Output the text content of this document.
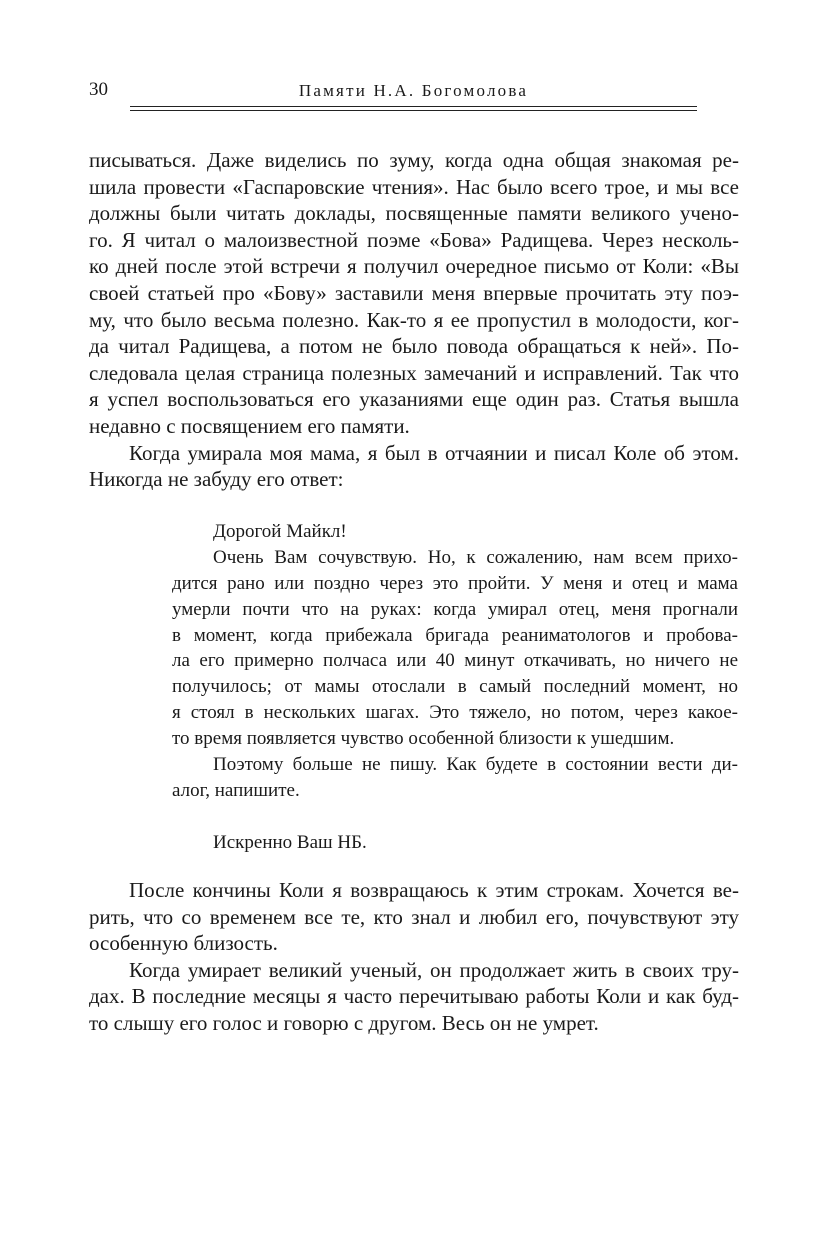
30	Памяти Н.А. Богомолова
писываться. Даже виделись по зуму, когда одна общая знакомая ре-
шила провести «Гаспаровские чтения». Нас было всего трое, и мы все
должны были читать доклады, посвященные памяти великого учено-
го. Я читал о малоизвестной поэме «Бова» Радищева. Через несколь-
ко дней после этой встречи я получил очередное письмо от Коли: «Вы
своей статьей про «Бову» заставили меня впервые прочитать эту поэ-
му, что было весьма полезно. Как-то я ее пропустил в молодости, ког-
да читал Радищева, а потом не было повода обращаться к ней». По-
следовала целая страница полезных замечаний и исправлений. Так что
я успел воспользоваться его указаниями еще один раз. Статья вышла
недавно с посвящением его памяти.
Когда умирала моя мама, я был в отчаянии и писал Коле об этом.
Никогда не забуду его ответ:
Дорогой Майкл!
Очень Вам сочувствую. Но, к сожалению, нам всем прихо-
дится рано или поздно через это пройти. У меня и отец и мама
умерли почти что на руках: когда умирал отец, меня прогнали
в момент, когда прибежала бригада реаниматологов и пробова-
ла его примерно полчаса или 40 минут откачивать, но ничего не
получилось; от мамы отослали в самый последний момент, но
я стоял в нескольких шагах. Это тяжело, но потом, через какое-
то время появляется чувство особенной близости к ушедшим.
Поэтому больше не пишу. Как будете в состоянии вести ди-
алог, напишите.
Искренно Ваш НБ.
После кончины Коли я возвращаюсь к этим строкам. Хочется ве-
рить, что со временем все те, кто знал и любил его, почувствуют эту
особенную близость.
Когда умирает великий ученый, он продолжает жить в своих тру-
дах. В последние месяцы я часто перечитываю работы Коли и как буд-
то слышу его голос и говорю с другом. Весь он не умрет.
